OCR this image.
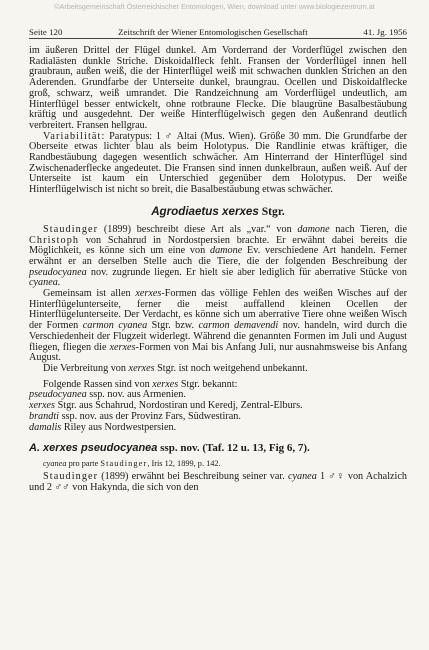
©Arbeitsgemeinschaft Österreichischer Entomologen, Wien, download unter www.biologiezentrum.at
Seite 120	Zeitschrift der Wiener Entomologischen Gesellschaft	41. Jg. 1956

im äußeren Drittel der Flügel dunkel. Am Vorderrand der Vorderflügel zwischen den Radialästen dunkle Striche. Diskoidalfleck fehlt. Fransen der Vorderflügel innen hell graubraun, außen weiß, die der Hinterflügel weiß mit schwachen dunklen Strichen an den Aderenden. Grundfarbe der Unterseite dunkel, braungrau. Ocellen und Diskoidalflecke groß, schwarz, weiß umrandet. Die Randzeichnung am Vorderflügel undeutlich, am Hinterflügel besser entwickelt, ohne rotbraune Flecke. Die blaugrüne Basalbestäubung kräftig und ausgedehnt. Der weiße Hinterflügelwisch gegen den Außenrand deutlich verbreitert. Fransen hellgrau.

Variabilität: Paratypus: 1 ♂ Altai (Mus. Wien). Größe 30 mm. Die Grundfarbe der Oberseite etwas lichter blau als beim Holotypus. Die Randlinie etwas kräftiger, die Randbestäubung dagegen wesentlich schwächer. Am Hinterrand der Hinterflügel sind Zwischenaderflecke angedeutet. Die Fransen sind innen dunkelbraun, außen weiß. Auf der Unterseite ist kaum ein Unterschied gegenüber dem Holotypus. Der weiße Hinterflügelwisch ist nicht so breit, die Basalbestäubung etwas schwächer.

Agrodiaetus xerxes Stgr.

Staudinger (1899) beschreibt diese Art als „var.“ von damone nach Tieren, die Christoph von Schahrud in Nordostpersien brachte. Er erwähnt dabei bereits die Möglichkeit, es könne sich um eine von damone Ev. verschiedene Art handeln. Ferner erwähnt er an derselben Stelle auch die Tiere, die der folgenden Beschreibung der pseudocyanea nov. zugrunde liegen. Er hielt sie aber lediglich für aberrative Stücke von cyanea.

Gemeinsam ist allen xerxes-Formen das völlige Fehlen des weißen Wisches auf der Hinterflügelunterseite, ferner die meist auffallend kleinen Ocellen der Hinterflügelunterseite. Der Verdacht, es könne sich um aberrative Tiere ohne weißen Wisch der Formen carmon cyanea Stgr. bzw. carmon demavendi nov. handeln, wird durch die Verschiedenheit der Flugzeit widerlegt. Während die genannten Formen im Juli und August fliegen, fliegen die xerxes-Formen von Mai bis Anfang Juli, nur ausnahmsweise bis Anfang August.

Die Verbreitung von xerxes Stgr. ist noch weitgehend unbekannt.

Folgende Rassen sind von xerxes Stgr. bekannt:

pseudocyanea ssp. nov. aus Armenien.

xerxes Stgr. aus Schahrud, Nordostiran und Keredj, Zentral-Elburs.

brandti ssp. nov. aus der Provinz Fars, Südwestiran.

damalis Riley aus Nordwestpersien.

A. xerxes pseudocyanea ssp. nov. (Taf. 12 u. 13, Fig 6, 7).

cyanea pro parte Staudinger, Iris 12, 1899, p. 142.

Staudinger (1899) erwähnt bei Beschreibung seiner var. cyanea 1 ♂♀ von Achalzich und 2 ♂♂ von Hakynda, die sich von den
